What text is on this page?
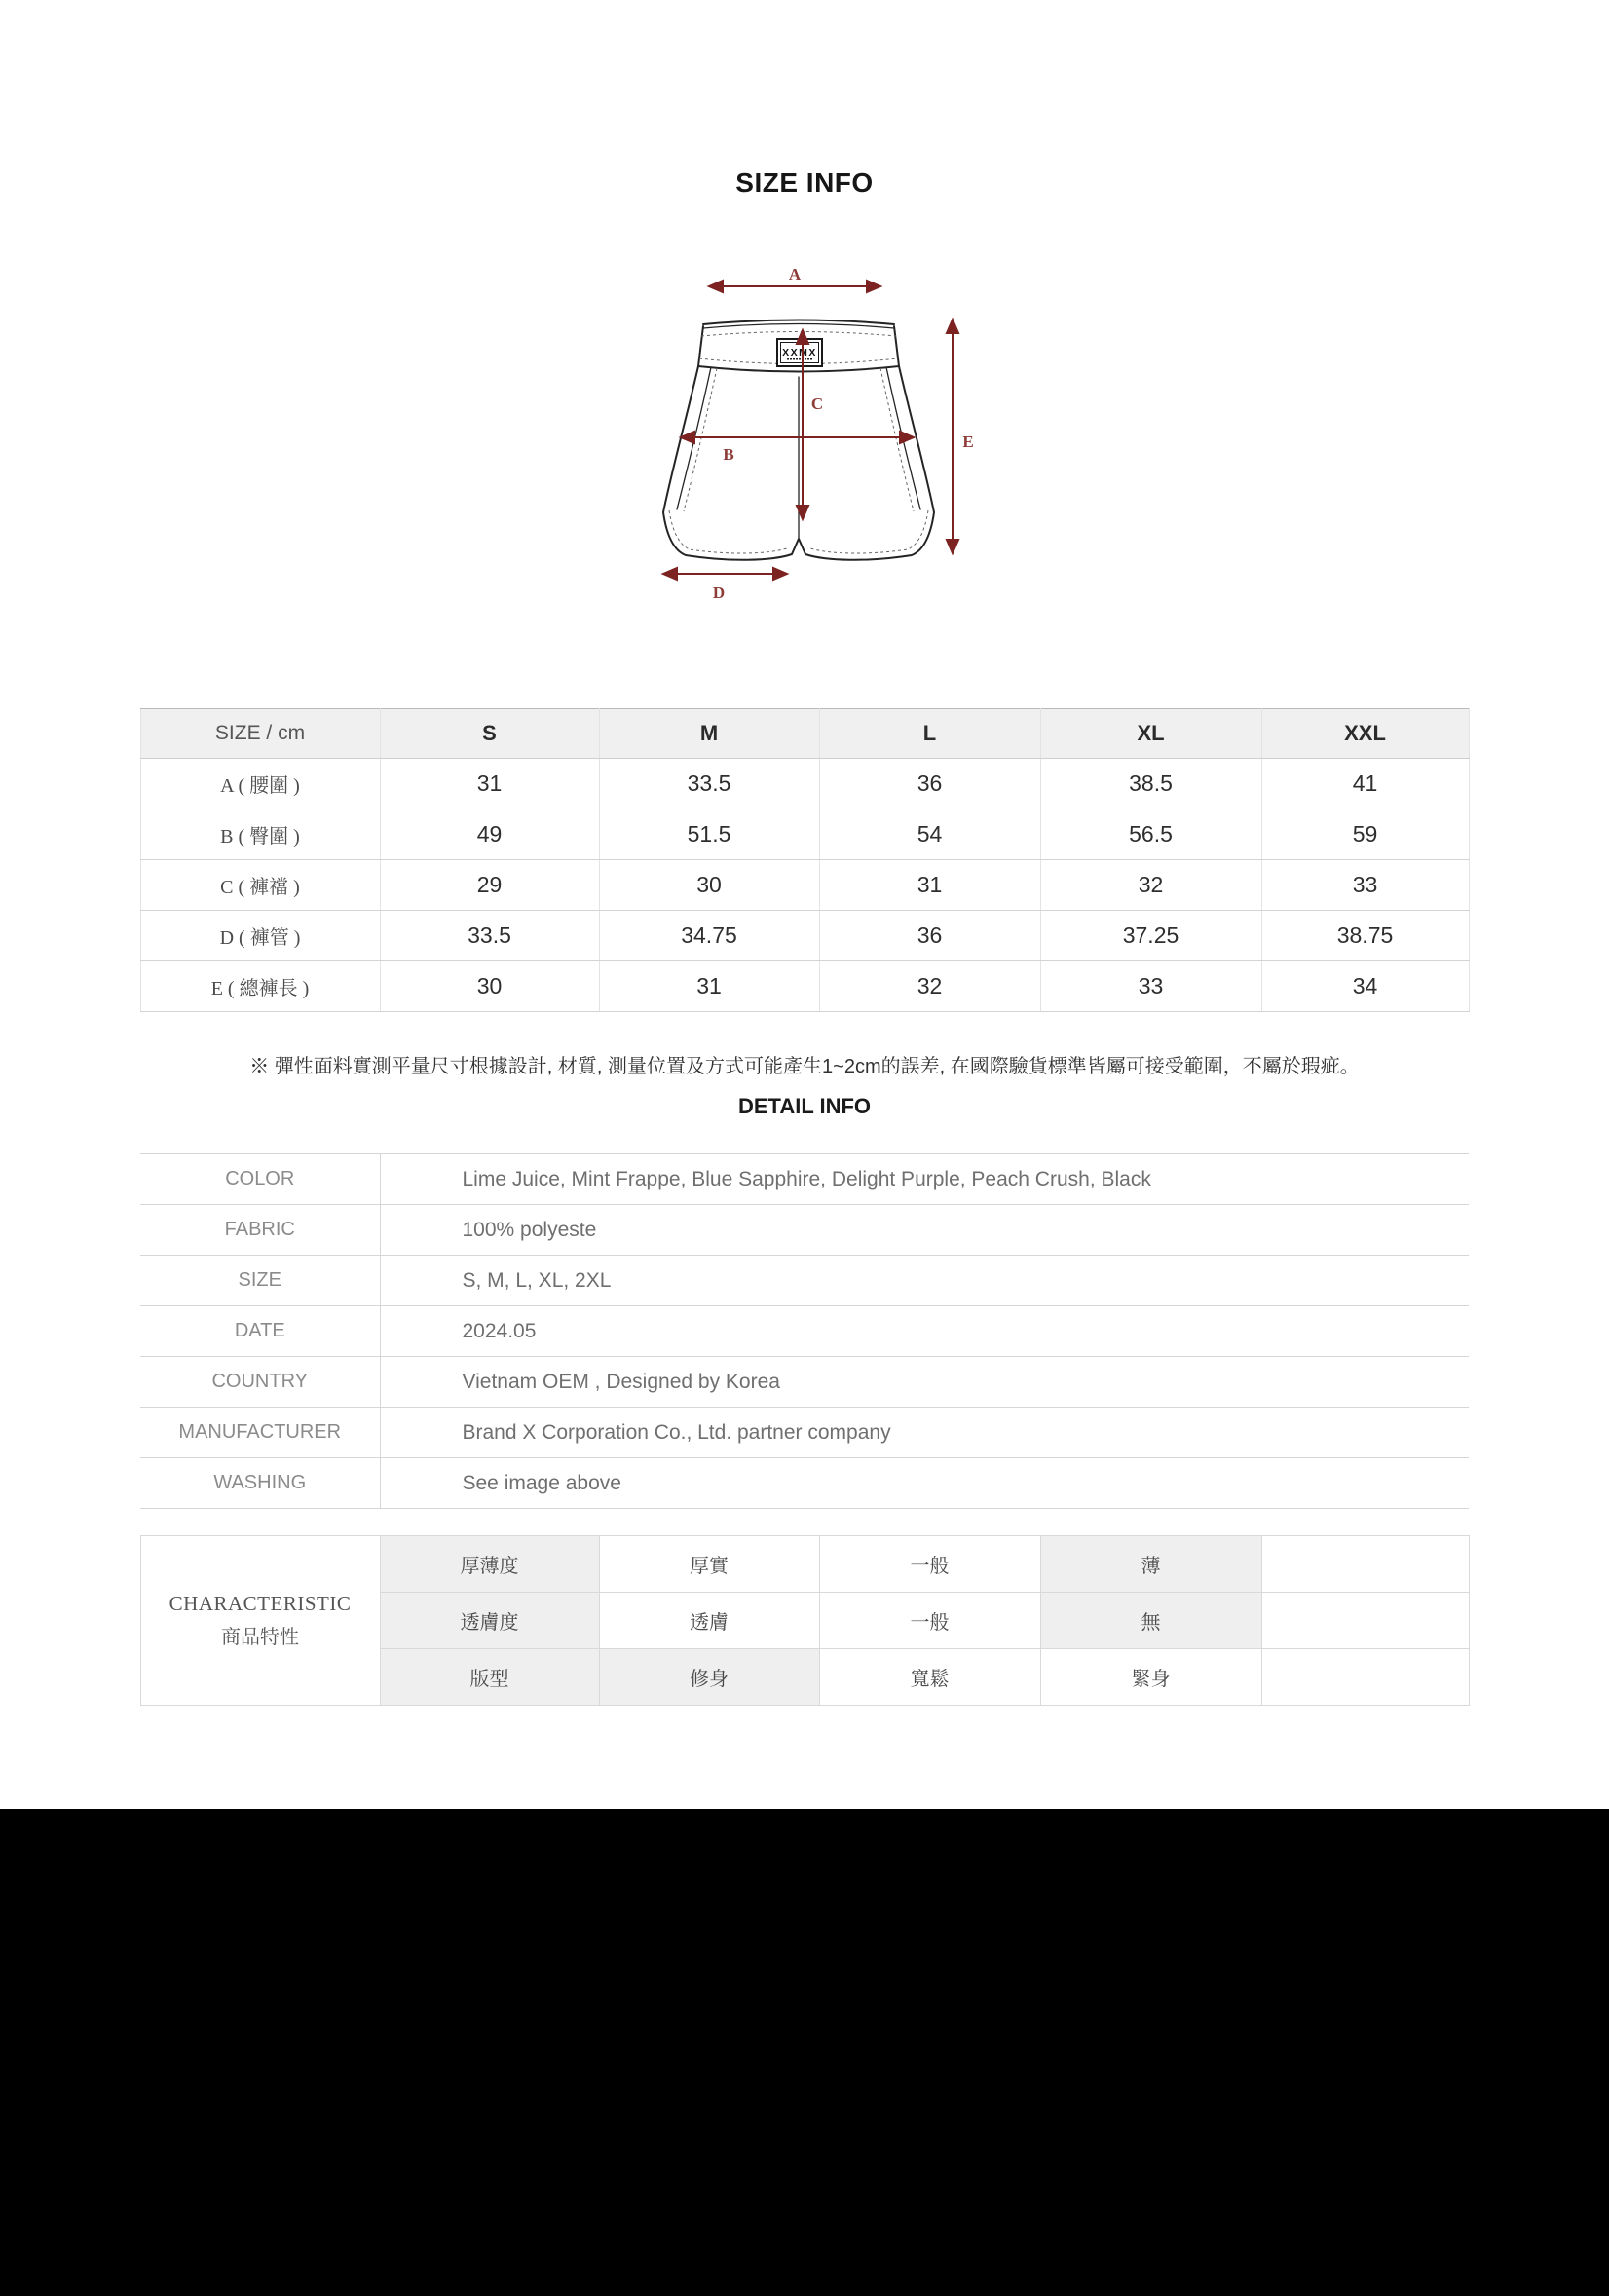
SIZE INFO
XXMX
A
B
C
D
E
SIZE / cm	S	M	L	XL	XXL
A ( 腰圍 )	31	33.5	36	38.5	41
B ( 臀圍 )	49	51.5	54	56.5	59
C ( 褲襠 )	29	30	31	32	33
D ( 褲管 )	33.5	34.75	36	37.25	38.75
E ( 總褲長 )	30	31	32	33	34

※ 彈性面料實測平量尺寸根據設計, 材質, 測量位置及方式可能產生1~2cm的誤差, 在國際驗貨標準皆屬可接受範圍，不屬於瑕疵。

DETAIL INFO
COLOR	Lime Juice, Mint Frappe, Blue Sapphire, Delight Purple, Peach Crush, Black
FABRIC	100% polyeste
SIZE	S, M, L, XL, 2XL
DATE	2024.05
COUNTRY	Vietnam OEM , Designed by Korea
MANUFACTURER	Brand X Corporation Co., Ltd. partner company
WASHING	See image above
CHARACTERISTIC
商品特性	厚薄度	厚實	一般	薄	
	透膚度	透膚	一般	無	
	版型	修身	寬鬆	緊身	
